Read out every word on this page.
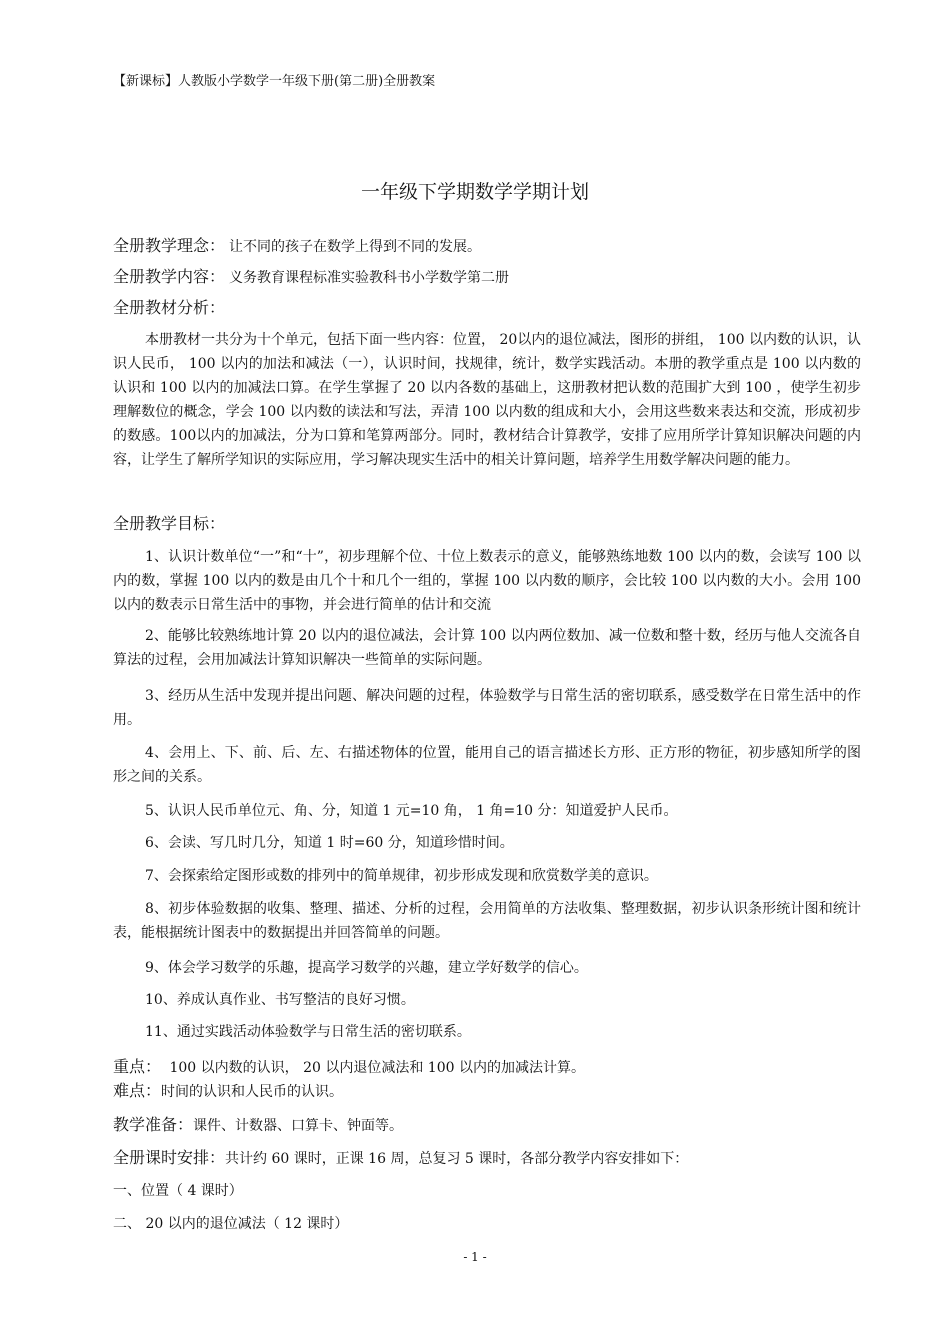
【新课标】人教版小学数学一年级下册(第二册)全册教案
一年级下学期数学学期计划
全册教学理念： 让不同的孩子在数学上得到不同的发展。
全册教学内容： 义务教育课程标准实验教科书小学数学第二册
全册教材分析：
本册教材一共分为十个单元，包括下面一些内容：位置， 20以内的退位减法，图形的拼组， 100 以内数的认识，认识人民币， 100 以内的加法和减法（一），认识时间，找规律，统计，数学实践活动。本册的教学重点是 100 以内数的认识和 100 以内的加减法口算。在学生掌握了 20 以内各数的基础上，这册教材把认数的范围扩大到 100 ，使学生初步理解数位的概念，学会 100 以内数的读法和写法，弄清 100 以内数的组成和大小，会用这些数来表达和交流，形成初步的数感。100以内的加减法，分为口算和笔算两部分。同时，教材结合计算教学，安排了应用所学计算知识解决问题的内容，让学生了解所学知识的实际应用，学习解决现实生活中的相关计算问题，培养学生用数学解决问题的能力。
全册教学目标：
1、认识计数单位“一”和“十”，初步理解个位、十位上数表示的意义，能够熟练地数 100 以内的数，会读写 100 以内的数，掌握 100 以内的数是由几个十和几个一组的，掌握 100 以内数的顺序，会比较 100 以内数的大小。会用 100 以内的数表示日常生活中的事物，并会进行简单的估计和交流
2、能够比较熟练地计算 20 以内的退位减法，会计算 100 以内两位数加、减一位数和整十数，经历与他人交流各自算法的过程，会用加减法计算知识解决一些简单的实际问题。
3、经历从生活中发现并提出问题、解决问题的过程，体验数学与日常生活的密切联系，感受数学在日常生活中的作用。
4、会用上、下、前、后、左、右描述物体的位置，能用自己的语言描述长方形、正方形的物征，初步感知所学的图形之间的关系。
5、认识人民币单位元、角、分，知道 1 元=10 角， 1 角=10 分：知道爱护人民币。
6、会读、写几时几分，知道 1 时=60 分，知道珍惜时间。
7、会探索给定图形或数的排列中的简单规律，初步形成发现和欣赏数学美的意识。
8、初步体验数据的收集、整理、描述、分析的过程，会用简单的方法收集、整理数据，初步认识条形统计图和统计表，能根据统计图表中的数据提出并回答简单的问题。
9、体会学习数学的乐趣，提高学习数学的兴趣，建立学好数学的信心。
10、养成认真作业、书写整洁的良好习惯。
11、通过实践活动体验数学与日常生活的密切联系。
重点： 100 以内数的认识， 20 以内退位减法和 100 以内的加减法计算。
难点：时间的认识和人民币的认识。
教学准备：课件、计数器、口算卡、钟面等。
全册课时安排：共计约 60 课时，正课 16 周，总复习 5 课时，各部分教学内容安排如下：
一、位置（ 4 课时）
二、 20 以内的退位减法（ 12 课时）
- 1 -
